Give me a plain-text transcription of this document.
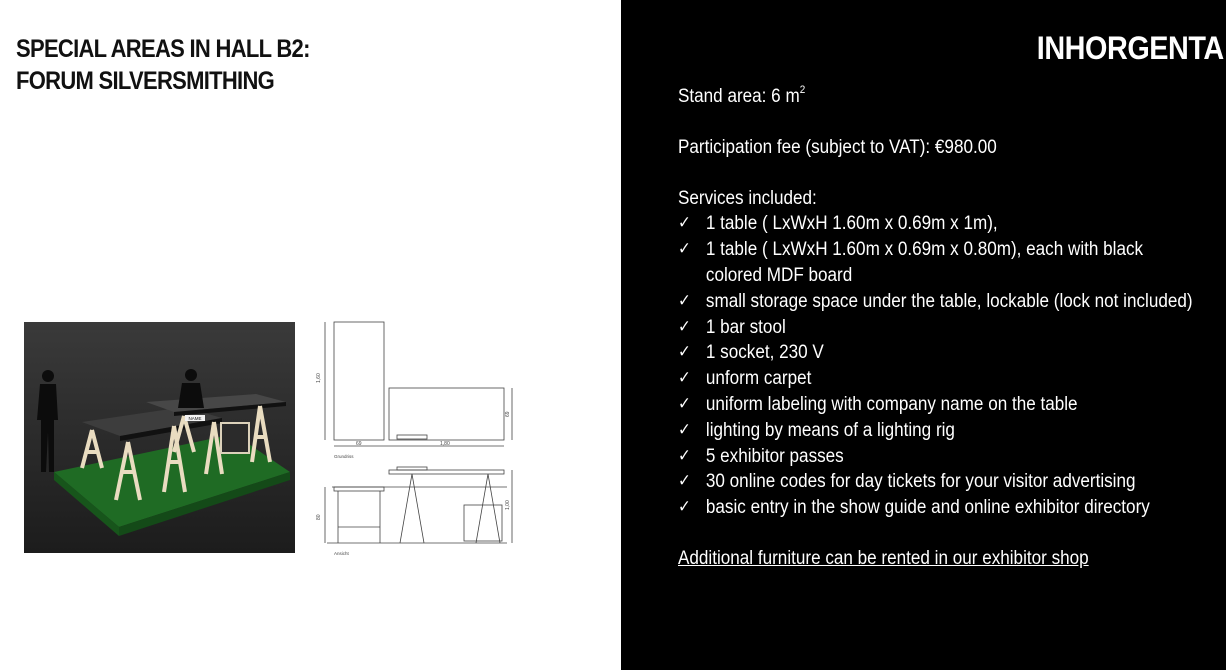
SPECIAL AREAS IN HALL B2:
FORUM SILVERSMITHING
NAME
1,60
69
69	1,80
80
1,00
Grundriss
Ansicht
INHORGENTA

Stand area: 6 $m^2$

Participation fee (subject to VAT): €980.00

Services included:

✓ 1 table ( LxWxH 1.60m x 0.69m x 1m),
✓ 1 table ( LxWxH 1.60m x 0.69m x 0.80m), each with black colored MDF board
✓ small storage space under the table, lockable (lock not included)
✓ 1 bar stool
✓ 1 socket, 230 V
✓ unform carpet
✓ uniform labeling with company name on the table
✓ lighting by means of a lighting rig
✓ 5 exhibitor passes
✓ 30 online codes for day tickets for your visitor advertising
✓ basic entry in the show guide and online exhibitor directory
Additional furniture can be rented in our exhibitor shop
